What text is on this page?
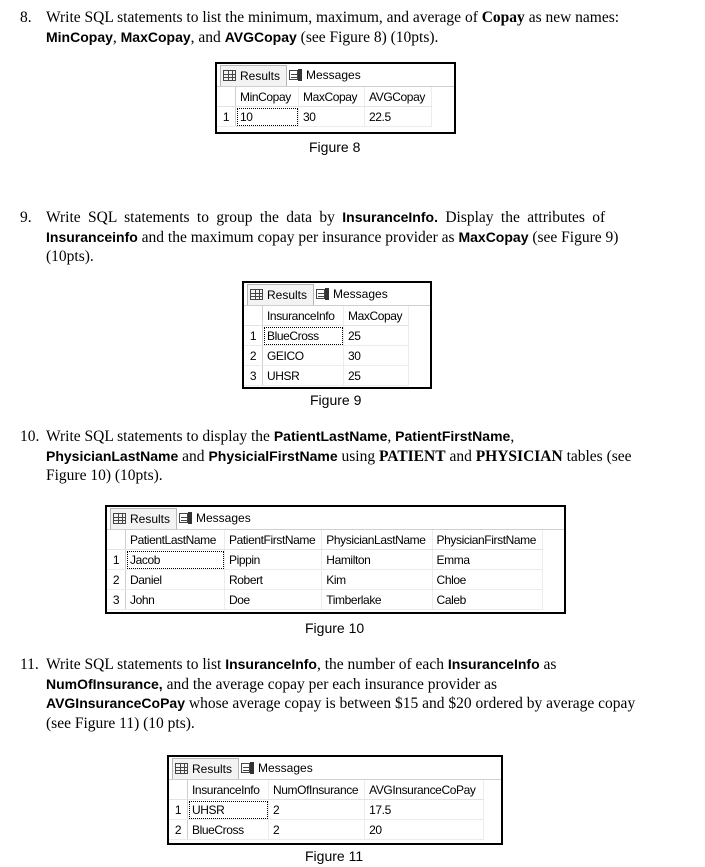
8. Write SQL statements to list the minimum, maximum, and average of Copay as new names:
MinCopay, MaxCopay, and AVGCopay (see Figure 8) (10pts).
Results Messages
	MinCopay	MaxCopay	AVGCopay
1	10	30	22.5
Figure 8
9. Write SQL statements to group the data by InsuranceInfo. Display the attributes of
Insuranceinfo and the maximum copay per insurance provider as MaxCopay (see Figure 9)
(10pts).
Results Messages
	InsuranceInfo	MaxCopay
1	BlueCross	25
2	GEICO	30
3	UHSR	25
Figure 9
10. Write SQL statements to display the PatientLastName, PatientFirstName,
PhysicianLastName and PhysicialFirstName using PATIENT and PHYSICIAN tables (see
Figure 10) (10pts).
Results Messages
	PatientLastName	PatientFirstName	PhysicianLastName	PhysicianFirstName
1	Jacob	Pippin	Hamilton	Emma
2	Daniel	Robert	Kim	Chloe
3	John	Doe	Timberlake	Caleb
Figure 10
11. Write SQL statements to list InsuranceInfo, the number of each InsuranceInfo as
NumOfInsurance, and the average copay per each insurance provider as
AVGInsuranceCoPay whose average copay is between $15 and $20 ordered by average copay
(see Figure 11) (10 pts).
Results Messages
	InsuranceInfo	NumOfInsurance	AVGInsuranceCoPay
1	UHSR	2	17.5
2	BlueCross	2	20
Figure 11
